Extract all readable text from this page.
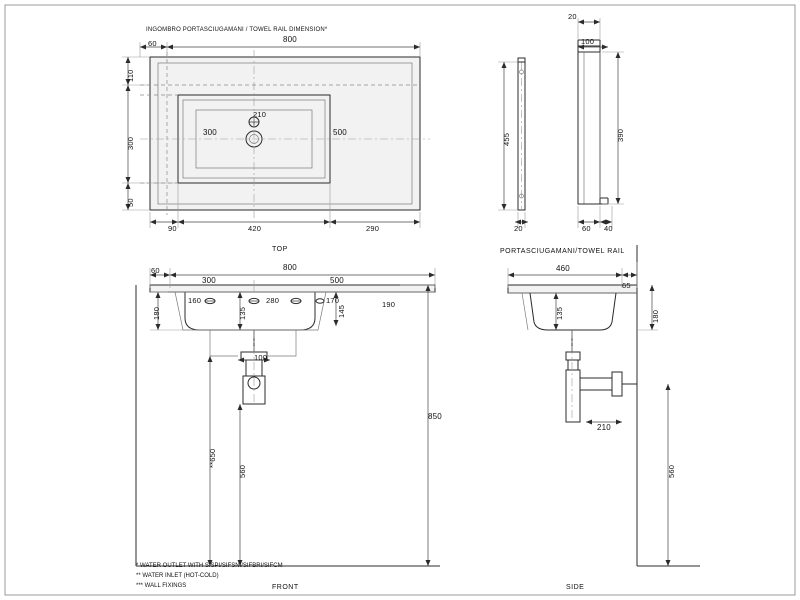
INGOMBRO PORTASCIUGAMANI / TOWEL RAIL DIMENSION*
60	800
110
300
50
300	500
210
90	420	290
TOP
20
100
455	390
20	60 40
PORTASCIUGAMANI/TOWEL RAIL
60	800
300	500
160	280	170	190
135	145
180
100
850
**650
560
FRONT
460
65
135	180
210
560
SIDE
* WATER OUTLET WITH SISPI/SIFSNI/SIFBRI/SIFCM
** WATER INLET (HOT-COLD)
*** WALL FIXINGS
